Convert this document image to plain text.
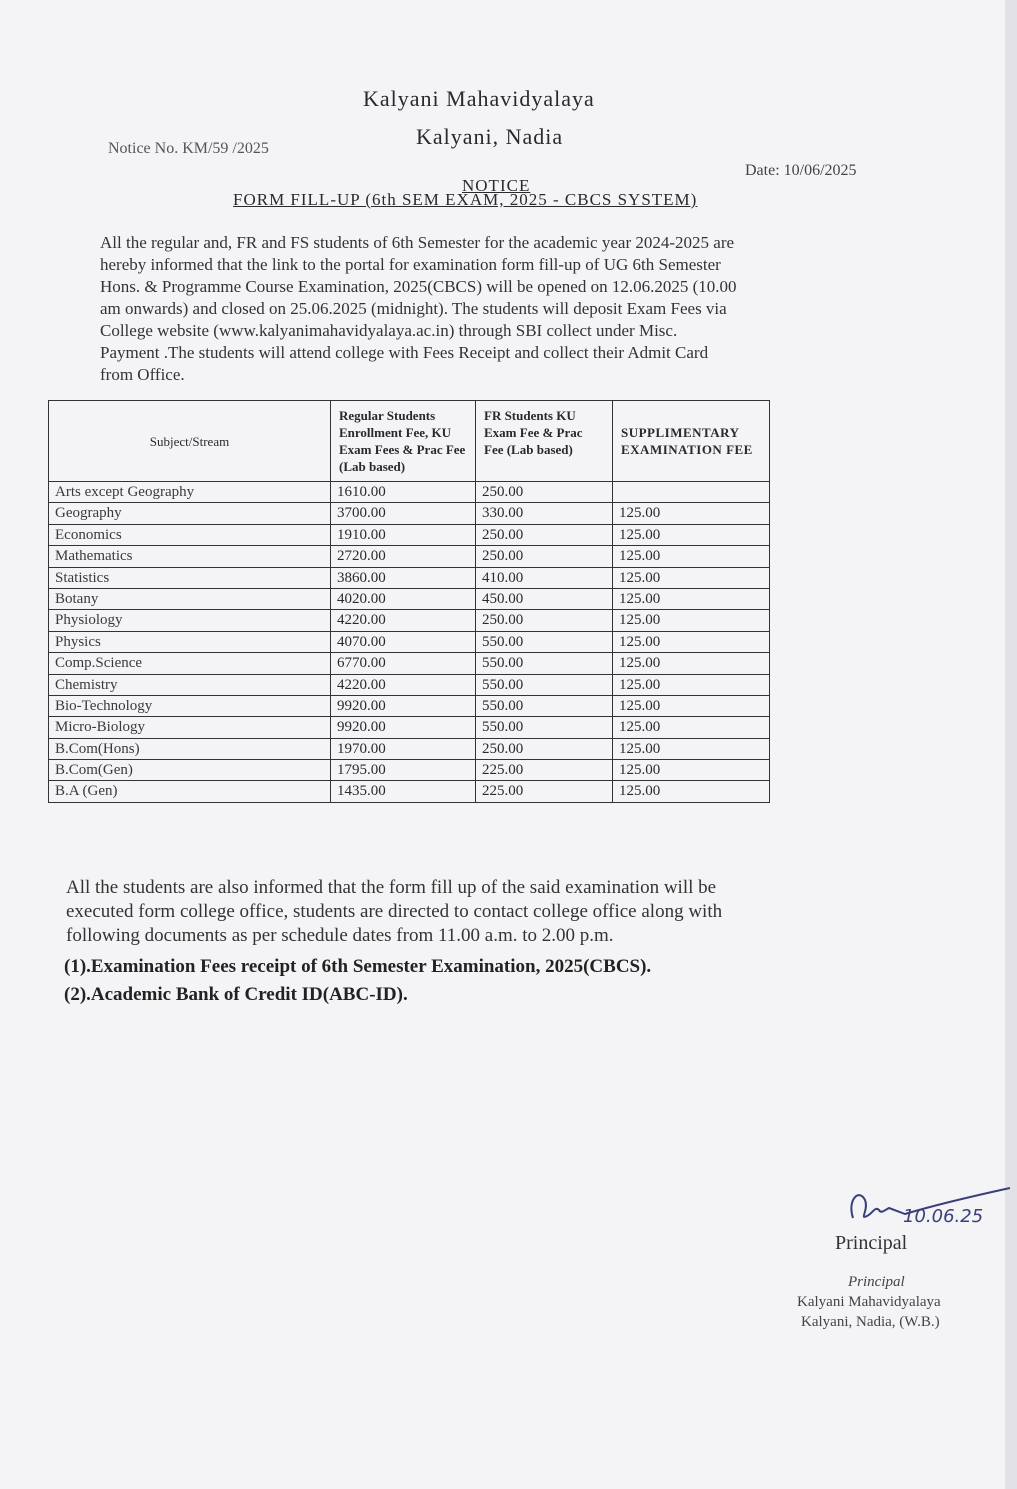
Kalyani Mahavidyalaya
Kalyani, Nadia
Notice No. KM/59 /2025
Date: 10/06/2025
NOTICE
FORM FILL-UP (6th SEM EXAM, 2025 - CBCS SYSTEM)
All the regular and, FR and FS students of 6th Semester for the academic year 2024-2025 are
hereby informed that the link to the portal for examination form fill-up of UG 6th Semester
Hons. & Programme Course Examination, 2025(CBCS) will be opened on 12.06.2025 (10.00
am onwards) and closed on 25.06.2025 (midnight). The students will deposit Exam Fees via
College website (www.kalyanimahavidyalaya.ac.in) through SBI collect under Misc.
Payment .The students will attend college with Fees Receipt and collect their Admit Card
from Office.
Subject/Stream	Regular Students Enrollment Fee, KU Exam Fees & Prac Fee (Lab based)	FR Students KU Exam Fee & Prac Fee (Lab based)	SUPPLIMENTARY EXAMINATION FEE
Arts except Geography	1610.00	250.00	
Geography	3700.00	330.00	125.00
Economics	1910.00	250.00	125.00
Mathematics	2720.00	250.00	125.00
Statistics	3860.00	410.00	125.00
Botany	4020.00	450.00	125.00
Physiology	4220.00	250.00	125.00
Physics	4070.00	550.00	125.00
Comp.Science	6770.00	550.00	125.00
Chemistry	4220.00	550.00	125.00
Bio-Technology	9920.00	550.00	125.00
Micro-Biology	9920.00	550.00	125.00
B.Com(Hons)	1970.00	250.00	125.00
B.Com(Gen)	1795.00	225.00	125.00
B.A (Gen)	1435.00	225.00	125.00
All the students are also informed that the form fill up of the said examination will be
executed form college office, students are directed to contact college office along with
following documents as per schedule dates from 11.00 a.m. to 2.00 p.m.
(1).Examination Fees receipt of 6th Semester Examination, 2025(CBCS).
(2).Academic Bank of Credit ID(ABC-ID).
10.06.25
Principal
Principal
Kalyani Mahavidyalaya
Kalyani, Nadia, (W.B.)
